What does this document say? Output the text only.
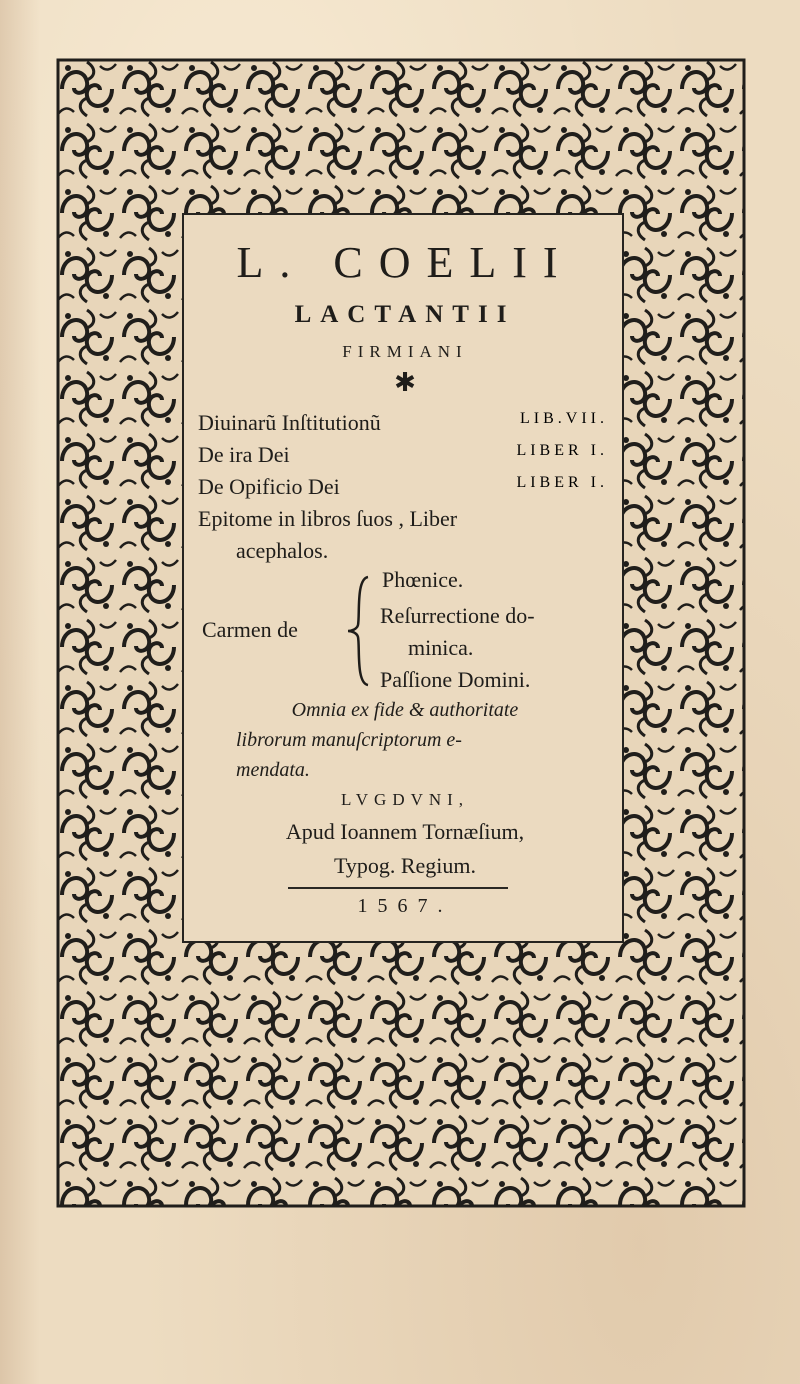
L. COELII
LACTANTII
FIRMIANI
✱
Diuinarũ Inſtitutionũ	LIB.VII.
De ira Dei	LIBER I.
De Opificio Dei	LIBER I.
Epitome in libros ſuos , Liber
acephalos.
Carmen de
Phœnice.
Reſurrectione do-
minica.
Paſſione Domini.
Omnia ex fide & authoritate
librorum manuſcriptorum e-
mendata.
LVGDVNI,
Apud Ioannem Tornæſium,
Typog. Regium.
1567.
